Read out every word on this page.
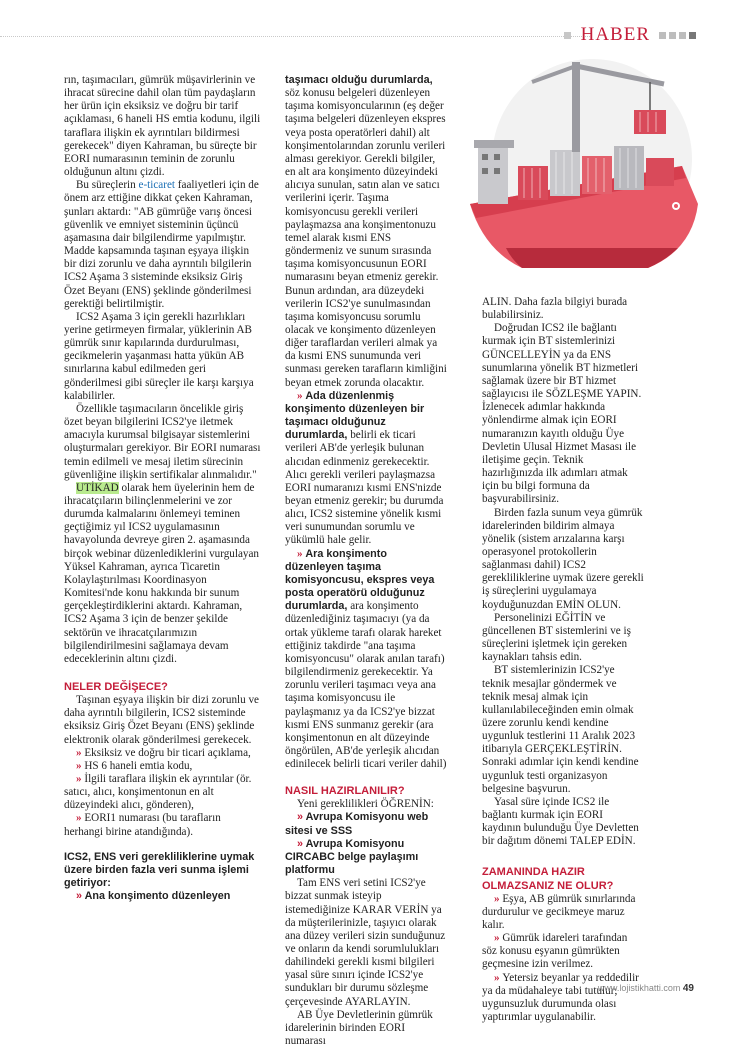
HABER

rın, taşımacıları, gümrük müşavirlerinin ve ihracat sürecine dahil olan tüm paydaşların her ürün için eksiksiz ve doğru bir tarif açıklaması, 6 haneli HS emtia kodunu, ilgili taraflara ilişkin ek ayrıntıları bildirmesi gerekecek" diyen Kahraman, bu süreçte bir EORI numarasının teminin de zorunlu olduğunun altını çizdi.

Bu süreçlerin e-ticaret faaliyetleri için de önem arz ettiğine dikkat çeken Kahraman, şunları aktardı: "AB gümrüğe varış öncesi güvenlik ve emniyet sisteminin üçüncü aşamasına dair bilgilendirme yapılmıştır. Madde kapsamında taşınan eşyaya ilişkin bir dizi zorunlu ve daha ayrıntılı bilgilerin ICS2 Aşama 3 sisteminde eksiksiz Giriş Özet Beyanı (ENS) şeklinde gönderilmesi gerektiği belirtilmiştir.

ICS2 Aşama 3 için gerekli hazırlıkları yerine getirmeyen firmalar, yüklerinin AB gümrük sınır kapılarında durdurulması, gecikmelerin yaşanması hatta yükün AB sınırlarına kabul edilmeden geri gönderilmesi gibi süreçler ile karşı karşıya kalabilirler.

Özellikle taşımacıların öncelikle giriş özet beyan bilgilerini ICS2'ye iletmek amacıyla kurumsal bilgisayar sistemlerini oluşturmaları gerekiyor. Bir EORI numarası temin edilmeli ve mesaj iletim sürecinin güvenliğine ilişkin sertifikalar alınmalıdır."

UTİKAD olarak hem üyelerinin hem de ihracatçıların bilinçlenmelerini ve zor durumda kalmalarını önlemeyi teminen geçtiğimiz yıl ICS2 uygulamasının havayolunda devreye giren 2. aşamasında birçok webinar düzenlediklerini vurgulayan Yüksel Kahraman, ayrıca Ticaretin Kolaylaştırılması Koordinasyon Komitesi'nde konu hakkında bir sunum gerçekleştirdiklerini aktardı. Kahraman, ICS2 Aşama 3 için de benzer şekilde sektörün ve ihracatçılarımızın bilgilendirilmesini sağlamaya devam edeceklerinin altını çizdi.

NELER DEĞİŞECE?

Taşınan eşyaya ilişkin bir dizi zorunlu ve daha ayrıntılı bilgilerin, ICS2 sisteminde eksiksiz Giriş Özet Beyanı (ENS) şeklinde elektronik olarak gönderilmesi gerekecek.

» Eksiksiz ve doğru bir ticari açıklama,

» HS 6 haneli emtia kodu,

» İlgili taraflara ilişkin ek ayrıntılar (ör. satıcı, alıcı, konşimentonun en alt düzeyindeki alıcı, gönderen),

» EORI1 numarası (bu tarafların herhangi birine atandığında).

ICS2, ENS veri gerekliliklerine uymak üzere birden fazla veri sunma işlemi getiriyor:

» Ana konşimento düzenleyen

taşımacı olduğu durumlarda, söz konusu belgeleri düzenleyen taşıma komisyoncularının (eş değer taşıma belgeleri düzenleyen ekspres veya posta operatörleri dahil) alt konşimentolarından zorunlu verileri alması gerekiyor. Gerekli bilgiler, en alt ara konşimento düzeyindeki alıcıya sunulan, satın alan ve satıcı verilerini içerir. Taşıma komisyoncusu gerekli verileri paylaşmazsa ana konşimentonuzu temel alarak kısmi ENS göndermeniz ve sunum sırasında taşıma komisyoncusunun EORI numarasını beyan etmeniz gerekir. Bunun ardından, ara düzeydeki verilerin ICS2'ye sunulmasından taşıma komisyoncusu sorumlu olacak ve konşimento düzenleyen diğer taraflardan verileri almak ya da kısmi ENS sunumunda veri sunması gereken tarafların kimliğini beyan etmek zorunda olacaktır.

» Ada düzenlenmiş konşimento düzenleyen bir taşımacı olduğunuz durumlarda, belirli ek ticari verileri AB'de yerleşik bulunan alıcıdan edinmeniz gerekecektir. Alıcı gerekli verileri paylaşmazsa EORI numaranızı kısmi ENS'nizde beyan etmeniz gerekir; bu durumda alıcı, ICS2 sistemine yönelik kısmi veri sunumundan sorumlu ve yükümlü hale gelir.

» Ara konşimento düzenleyen taşıma komisyoncusu, ekspres veya posta operatörü olduğunuz durumlarda, ara konşimento düzenlediğiniz taşımacıyı (ya da ortak yükleme tarafı olarak hareket ettiğiniz takdirde "ana taşıma komisyoncusu" olarak anılan tarafı) bilgilendirmeniz gerekecektir. Ya zorunlu verileri taşımacı veya ana taşıma komisyoncusu ile paylaşmanız ya da ICS2'ye bizzat kısmi ENS sunmanız gerekir (ara konşimentonun en alt düzeyinde öngörülen, AB'de yerleşik alıcıdan edinilecek belirli ticari veriler dahil)

NASIL HAZIRLANILIR?

Yeni gereklilikleri ÖĞRENİN:

» Avrupa Komisyonu web sitesi ve SSS

» Avrupa Komisyonu CIRCABC belge paylaşımı platformu

Tam ENS veri setini ICS2'ye bizzat sunmak isteyip istemediğinize KARAR VERİN ya da müşterilerinizle, taşıyıcı olarak ana düzey verileri sizin sunduğunuz ve onların da kendi sorumlulukları dahilindeki gerekli kısmi bilgileri yasal süre sınırı içinde ICS2'ye sundukları bir durumu sözleşme çerçevesinde AYARLAYIN.

AB Üye Devletlerinin gümrük idarelerinin birinden EORI numarası

ALIN. Daha fazla bilgiyi burada bulabilirsiniz.

Doğrudan ICS2 ile bağlantı kurmak için BT sistemlerinizi GÜNCELLEYİN ya da ENS sunumlarına yönelik BT hizmetleri sağlamak üzere bir BT hizmet sağlayıcısı ile SÖZLEŞME YAPIN. İzlenecek adımlar hakkında yönlendirme almak için EORI numaranızın kayıtlı olduğu Üye Devletin Ulusal Hizmet Masası ile iletişime geçin. Teknik hazırlığınızda ilk adımları atmak için bu bilgi formuna da başvurabilirsiniz.

Birden fazla sunum veya gümrük idarelerinden bildirim almaya yönelik (sistem arızalarına karşı operasyonel protokollerin sağlanması dahil) ICS2 gerekliliklerine uymak üzere gerekli iş süreçlerini uygulamaya koyduğunuzdan EMİN OLUN.

Personelinizi EĞİTİN ve güncellenen BT sistemlerini ve iş süreçlerini işletmek için gereken kaynakları tahsis edin.

BT sistemlerinizin ICS2'ye teknik mesajlar göndermek ve teknik mesaj almak için kullanılabileceğinden emin olmak üzere zorunlu kendi kendine uygunluk testlerini 11 Aralık 2023 itibarıyla GERÇEKLEŞTİRİN. Sonraki adımlar için kendi kendine uygunluk testi organizasyon belgesine başvurun.

Yasal süre içinde ICS2 ile bağlantı kurmak için EORI kaydının bulunduğu Üye Devletten bir dağıtım dönemi TALEP EDİN.

ZAMANINDA HAZIR OLMAZSANIZ NE OLUR?

» Eşya, AB gümrük sınırlarında durdurulur ve gecikmeye maruz kalır.

» Gümrük idareleri tarafından söz konusu eşyanın gümrükten geçmesine izin verilmez.

» Yetersiz beyanlar ya reddedilir ya da müdahaleye tabi tutulur; uygunsuzluk durumunda olası yaptırımlar uygulanabilir.

www.lojistikhatti.com 49
